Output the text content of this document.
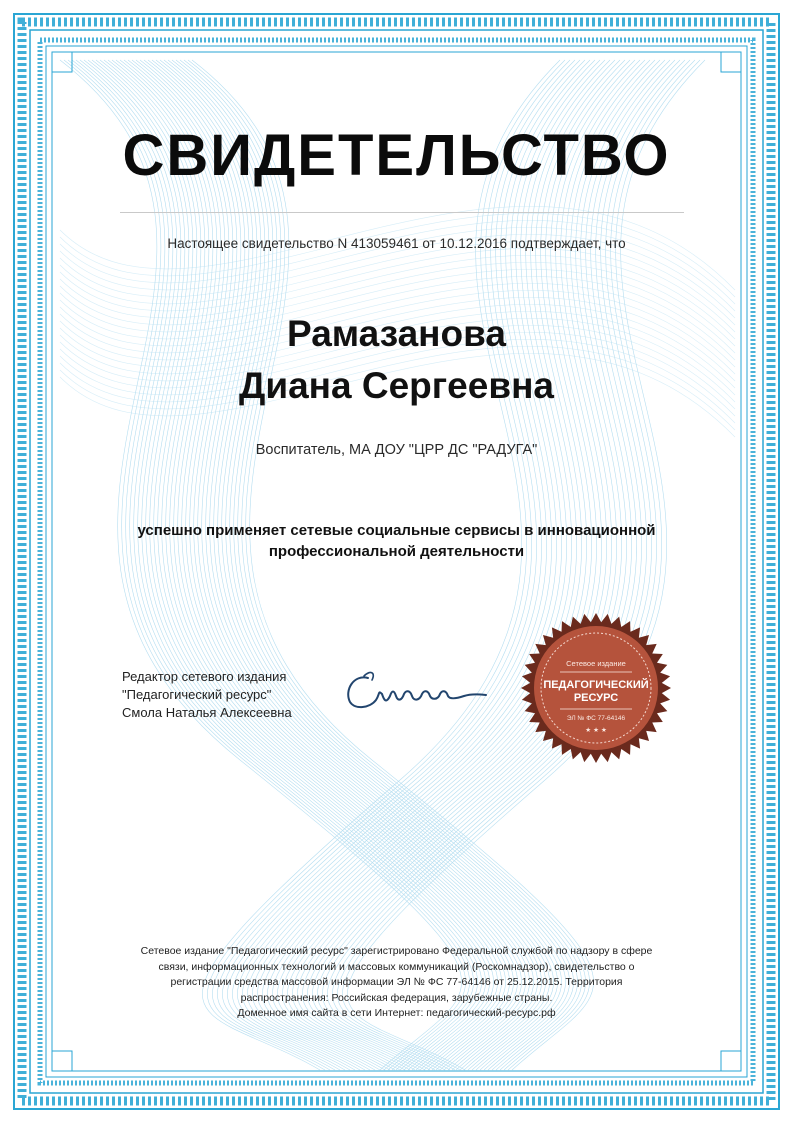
СВИДЕТЕЛЬСТВО
Настоящее свидетельство N 413059461 от 10.12.2016 подтверждает, что
Рамазанова
Диана Сергеевна
Воспитатель, МА ДОУ "ЦРР ДС "РАДУГА"
успешно применяет сетевые социальные сервисы в инновационной профессиональной деятельности
Редактор сетевого издания
"Педагогический ресурс"
Смола Наталья Алексеевна
Сетевое издание
ПЕДАГОГИЧЕСКИЙ
РЕСУРС
ЭЛ № ФС 77-64146
★ ★ ★
Сетевое издание "Педагогический ресурс" зарегистрировано Федеральной службой по надзору в сфере
связи, информационных технологий и массовых коммуникаций (Роскомнадзор), свидетельство о
регистрации средства массовой информации ЭЛ № ФС 77-64146 от 25.12.2015. Территория
распространения: Российская федерация, зарубежные страны.
Доменное имя сайта в сети Интернет: педагогический-ресурс.рф
